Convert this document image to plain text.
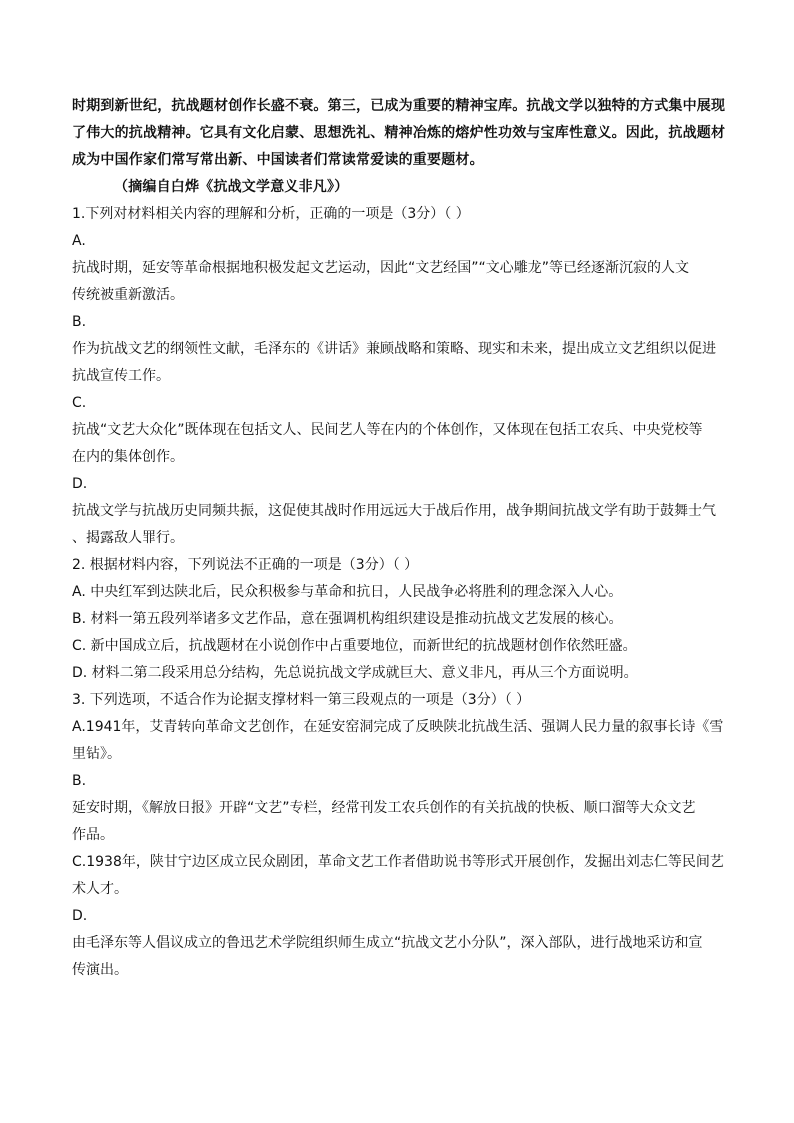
时期到新世纪，抗战题材创作长盛不衰。第三，已成为重要的精神宝库。抗战文学以独特的方式集中展现
了伟大的抗战精神。它具有文化启蒙、思想洗礼、精神冶炼的熔炉性功效与宝库性意义。因此，抗战题材
成为中国作家们常写常出新、中国读者们常读常爱读的重要题材。
（摘编自白烨《抗战文学意义非凡》）
1.下列对材料相关内容的理解和分析，正确的一项是（3分）（ ）
A.
抗战时期，延安等革命根据地积极发起文艺运动，因此“文艺经国”“文心雕龙”等已经逐渐沉寂的人文
传统被重新激活。
B.
作为抗战文艺的纲领性文献，毛泽东的《讲话》兼顾战略和策略、现实和未来，提出成立文艺组织以促进
抗战宣传工作。
C.
抗战“文艺大众化”既体现在包括文人、民间艺人等在内的个体创作，又体现在包括工农兵、中央党校等
在内的集体创作。
D.
抗战文学与抗战历史同频共振，这促使其战时作用远远大于战后作用，战争期间抗战文学有助于鼓舞士气
、揭露敌人罪行。
2. 根据材料内容，下列说法不正确的一项是（3分）（ ）
A. 中央红军到达陕北后，民众积极参与革命和抗日，人民战争必将胜利的理念深入人心。
B. 材料一第五段列举诸多文艺作品，意在强调机构组织建设是推动抗战文艺发展的核心。
C. 新中国成立后，抗战题材在小说创作中占重要地位，而新世纪的抗战题材创作依然旺盛。
D. 材料二第二段采用总分结构，先总说抗战文学成就巨大、意义非凡，再从三个方面说明。
3. 下列选项，不适合作为论据支撑材料一第三段观点的一项是（3分）（ ）
A.1941年，艾青转向革命文艺创作，在延安窑洞完成了反映陕北抗战生活、强调人民力量的叙事长诗《雪
里钻》。
B.
延安时期，《解放日报》开辟“文艺”专栏，经常刊发工农兵创作的有关抗战的快板、顺口溜等大众文艺
作品。
C.1938年，陕甘宁边区成立民众剧团，革命文艺工作者借助说书等形式开展创作，发掘出刘志仁等民间艺
术人才。
D.
由毛泽东等人倡议成立的鲁迅艺术学院组织师生成立“抗战文艺小分队”，深入部队，进行战地采访和宣
传演出。
